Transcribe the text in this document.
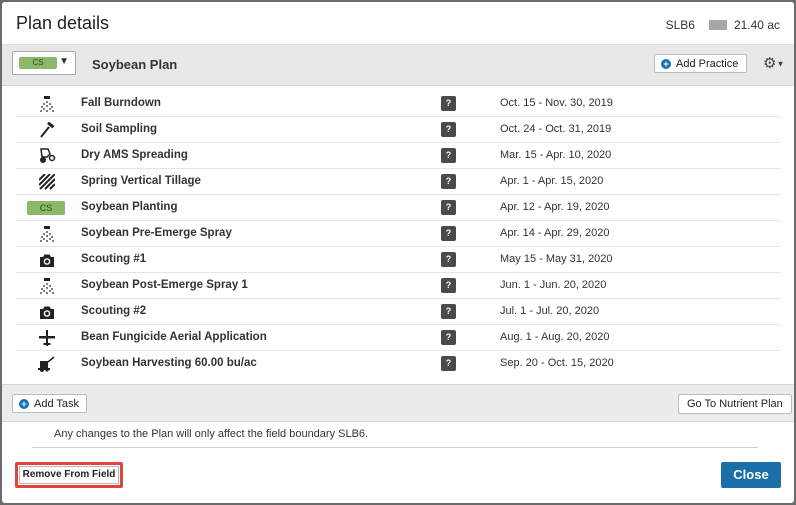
Plan details	SLB6	21.40 ac
CS	▼ Soybean Plan	+ Add Practice ⚙▼
Fall Burndown	?	Oct. 15 - Nov. 30, 2019
Soil Sampling	?	Oct. 24 - Oct. 31, 2019
Dry AMS Spreading	?	Mar. 15 - Apr. 10, 2020
Spring Vertical Tillage	?	Apr. 1 - Apr. 15, 2020
CS	Soybean Planting	?	Apr. 12 - Apr. 19, 2020
Soybean Pre-Emerge Spray	?	Apr. 14 - Apr. 29, 2020
Scouting #1	?	May 15 - May 31, 2020
Soybean Post-Emerge Spray 1	?	Jun. 1 - Jun. 20, 2020
Scouting #2	?	Jul. 1 - Jul. 20, 2020
Bean Fungicide Aerial Application	?	Aug. 1 - Aug. 20, 2020
Soybean Harvesting 60.00 bu/ac	?	Sep. 20 - Oct. 15, 2020
+ Add Task	Go To Nutrient Plan
Any changes to the Plan will only affect the field boundary SLB6.
Remove From Field	Close
